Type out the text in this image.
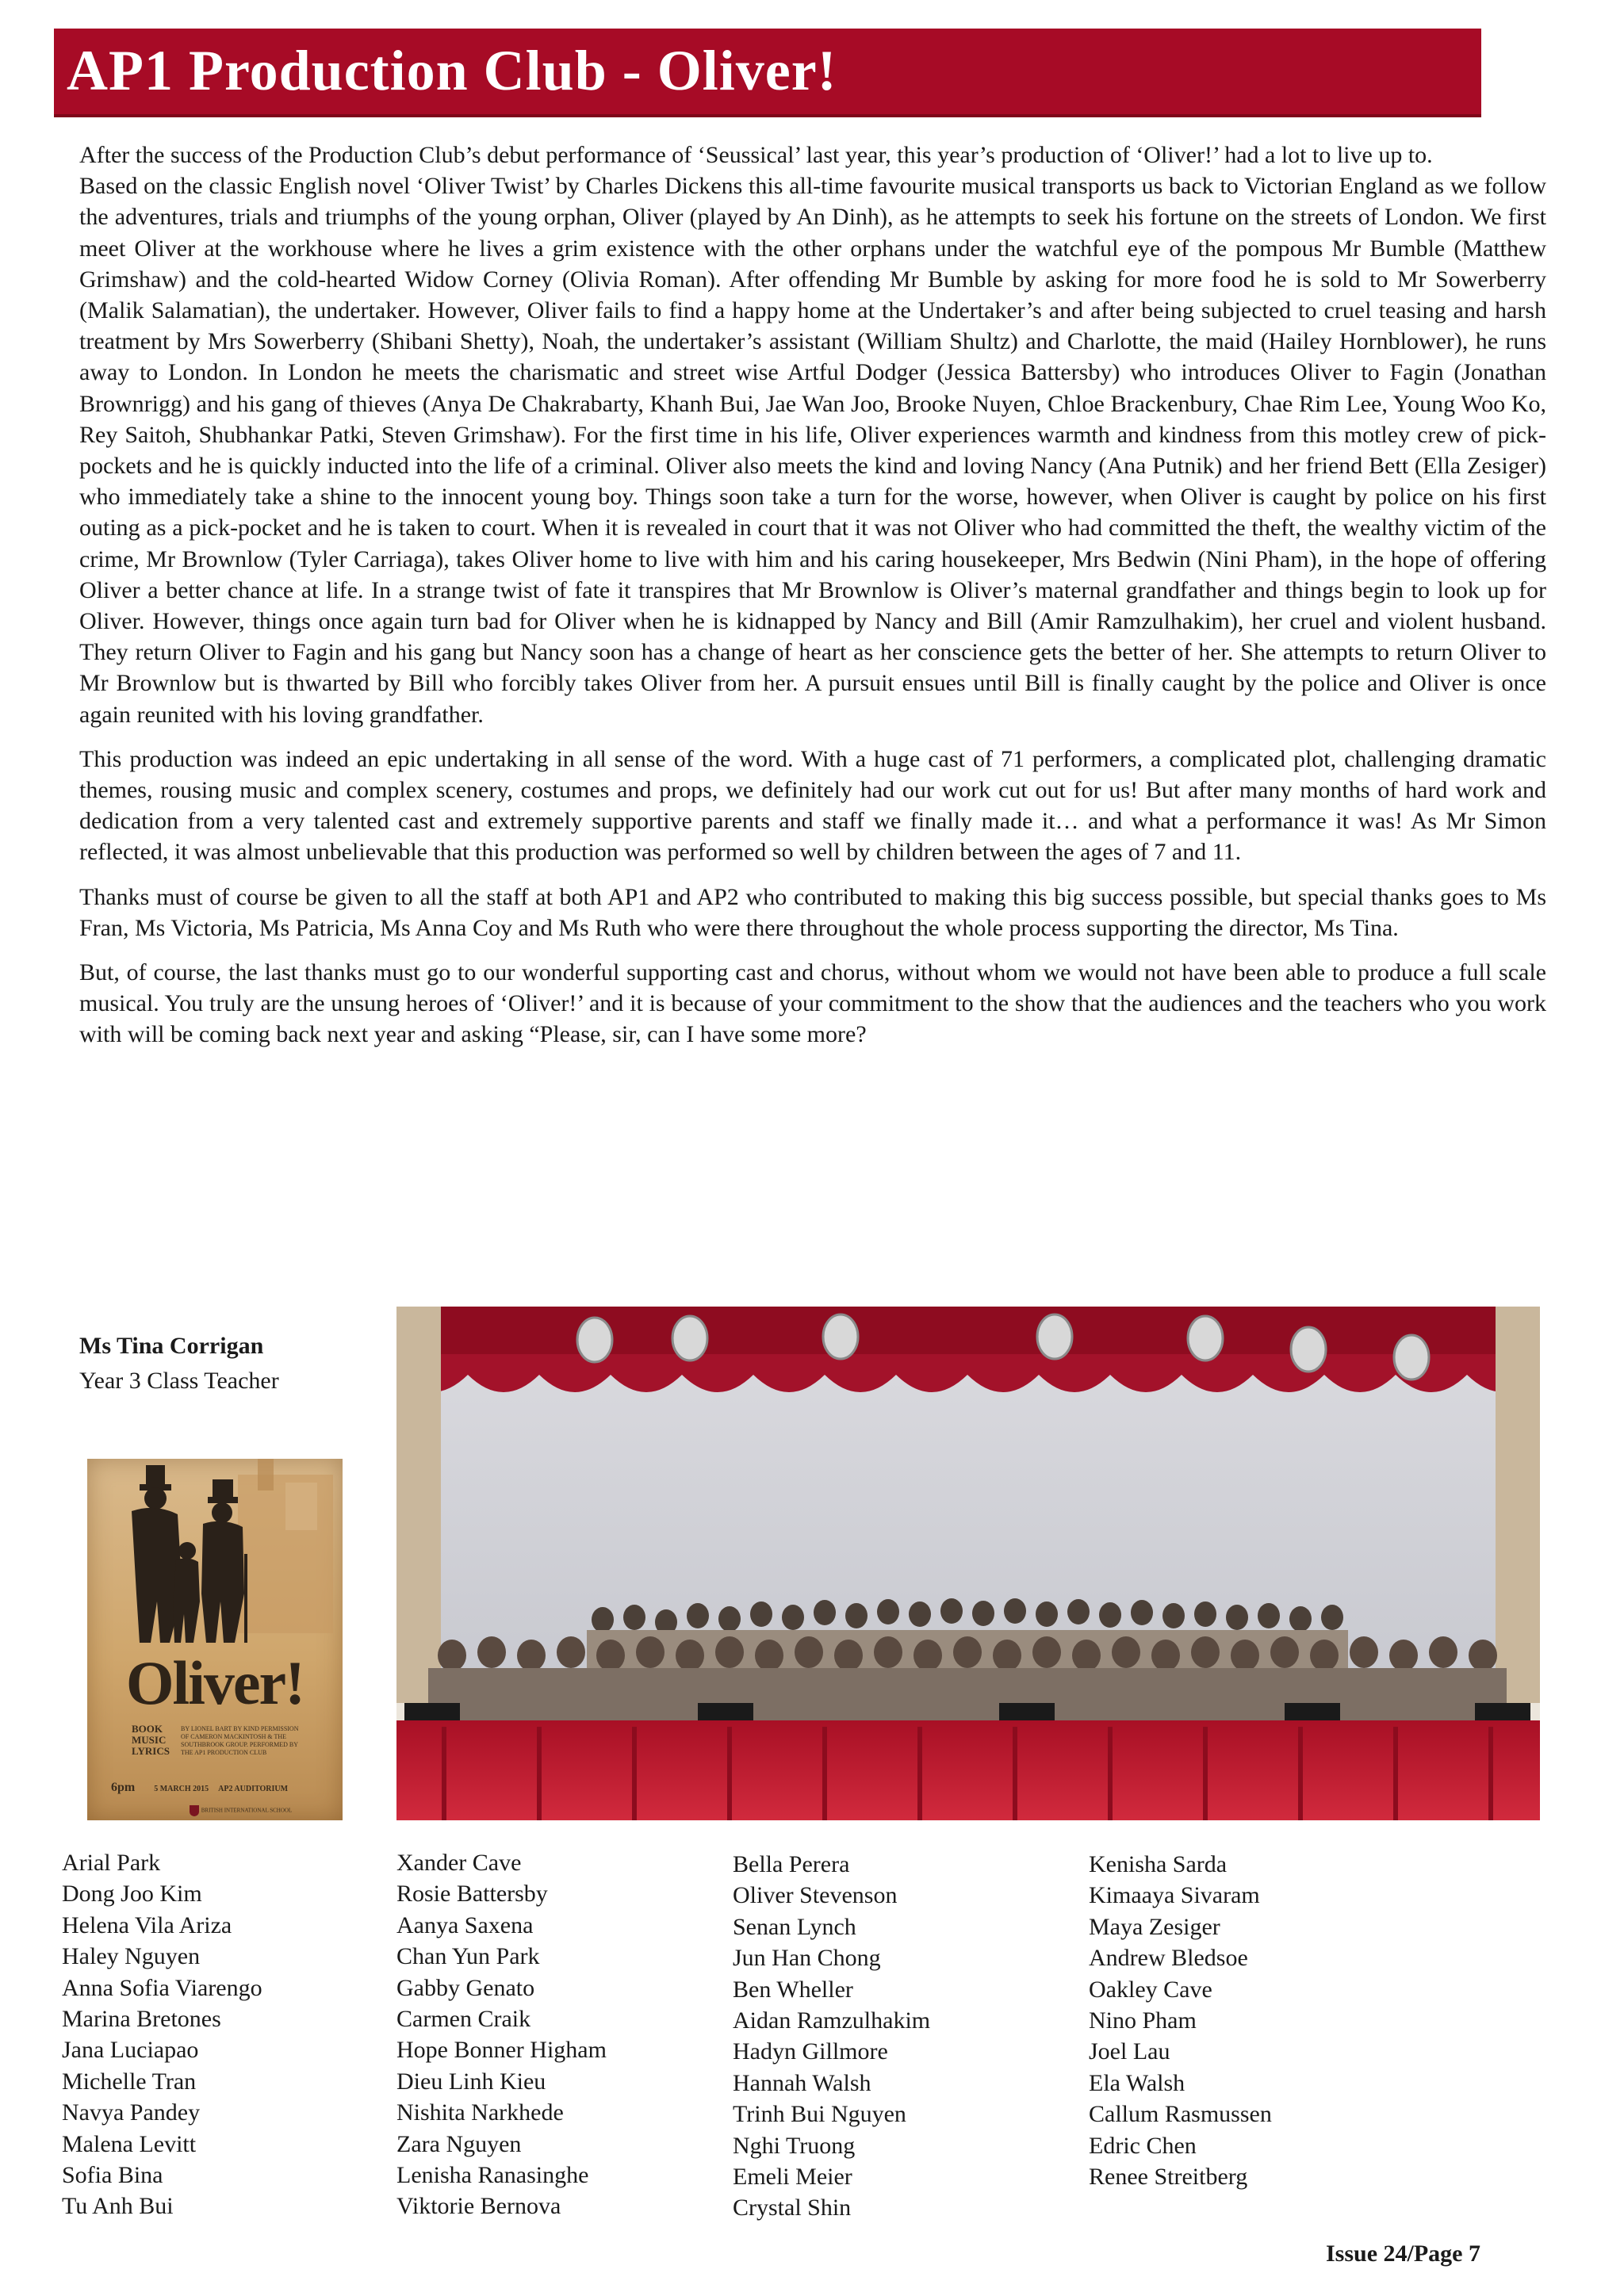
AP1 Production Club - Oliver!

After the success of the Production Club’s debut performance of ‘Seussical’ last year, this year’s production of ‘Oliver!’ had a lot to live up to.

Based on the classic English novel ‘Oliver Twist’ by Charles Dickens this all-time favourite musical transports us back to Victorian England as we follow the adventures, trials and triumphs of the young orphan, Oliver (played by An Dinh), as he attempts to seek his fortune on the streets of London. We first meet Oliver at the workhouse where he lives a grim existence with the other orphans under the watchful eye of the pompous Mr Bumble (Matthew Grimshaw) and the cold-hearted Widow Corney (Olivia Roman). After offending Mr Bumble by asking for more food he is sold to Mr Sowerberry (Malik Salamatian), the undertaker. However, Oliver fails to find a happy home at the Undertaker’s and after being subjected to cruel teasing and harsh treatment by Mrs Sowerberry (Shibani Shetty), Noah, the undertaker’s assistant (William Shultz) and Charlotte, the maid (Hailey Hornblower), he runs away to London. In London he meets the charismatic and street wise Artful Dodger (Jessica Battersby) who introduces Oliver to Fagin (Jonathan Brownrigg) and his gang of thieves (Anya De Chakrabarty, Khanh Bui, Jae Wan Joo, Brooke Nuyen, Chloe Brackenbury, Chae Rim Lee, Young Woo Ko, Rey Saitoh, Shubhankar Patki, Steven Grimshaw). For the first time in his life, Oliver experiences warmth and kindness from this motley crew of pick-pockets and he is quickly inducted into the life of a criminal. Oliver also meets the kind and loving Nancy (Ana Putnik) and her friend Bett (Ella Zesiger) who immediately take a shine to the innocent young boy. Things soon take a turn for the worse, however, when Oliver is caught by police on his first outing as a pick-pocket and he is taken to court. When it is revealed in court that it was not Oliver who had committed the theft, the wealthy victim of the crime, Mr Brownlow (Tyler Carriaga), takes Oliver home to live with him and his caring housekeeper, Mrs Bedwin (Nini Pham), in the hope of offering Oliver a better chance at life. In a strange twist of fate it transpires that Mr Brownlow is Oliver’s maternal grandfather and things begin to look up for Oliver. However, things once again turn bad for Oliver when he is kidnapped by Nancy and Bill (Amir Ramzulhakim), her cruel and violent husband. They return Oliver to Fagin and his gang but Nancy soon has a change of heart as her conscience gets the better of her. She attempts to return Oliver to Mr Brownlow but is thwarted by Bill who forcibly takes Oliver from her. A pursuit ensues until Bill is finally caught by the police and Oliver is once again reunited with his loving grandfather.

This production was indeed an epic undertaking in all sense of the word. With a huge cast of 71 performers, a complicated plot, challenging dramatic themes, rousing music and complex scenery, costumes and props, we definitely had our work cut out for us! But after many months of hard work and dedication from a very talented cast and extremely supportive parents and staff we finally made it… and what a performance it was! As Mr Simon reflected, it was almost unbelievable that this production was performed so well by children between the ages of 7 and 11.

Thanks must of course be given to all the staff at both AP1 and AP2 who contributed to making this big success possible, but special thanks goes to Ms Fran, Ms Victoria, Ms Patricia, Ms Anna Coy and Ms Ruth who were there throughout the whole process supporting the director, Ms Tina.

But, of course, the last thanks must go to our wonderful supporting cast and chorus, without whom we would not have been able to produce a full scale musical. You truly are the unsung heroes of ‘Oliver!’ and it is because of your commitment to the show that the audiences and the teachers who you work with will be coming back next year and asking “Please, sir, can I have some more?

Ms Tina Corrigan
Year 3 Class Teacher
Oliver!
BOOK
MUSIC
LYRICS
BY LIONEL BART BY KIND PERMISSION OF CAMERON MACKINTOSH & THE SOUTHBROOK GROUP. PERFORMED BY THE AP1 PRODUCTION CLUB
6pm 5 MARCH 2015 AP2 AUDITORIUM
BRITISH INTERNATIONAL SCHOOL
Arial Park
Dong Joo Kim
Helena Vila Ariza
Haley Nguyen
Anna Sofia Viarengo
Marina Bretones
Jana Luciapao
Michelle Tran
Navya Pandey
Malena Levitt
Sofia Bina
Tu Anh Bui
Xander Cave
Rosie Battersby
Aanya Saxena
Chan Yun Park
Gabby Genato
Carmen Craik
Hope Bonner Higham
Dieu Linh Kieu
Nishita Narkhede
Zara Nguyen
Lenisha Ranasinghe
Viktorie Bernova
Bella Perera
Oliver Stevenson
Senan Lynch
Jun Han Chong
Ben Wheller
Aidan Ramzulhakim
Hadyn Gillmore
Hannah Walsh
Trinh Bui Nguyen
Nghi Truong
Emeli Meier
Crystal Shin
Kenisha Sarda
Kimaaya Sivaram
Maya Zesiger
Andrew Bledsoe
Oakley Cave
Nino Pham
Joel Lau
Ela Walsh
Callum Rasmussen
Edric Chen
Renee Streitberg
Issue 24/Page 7
